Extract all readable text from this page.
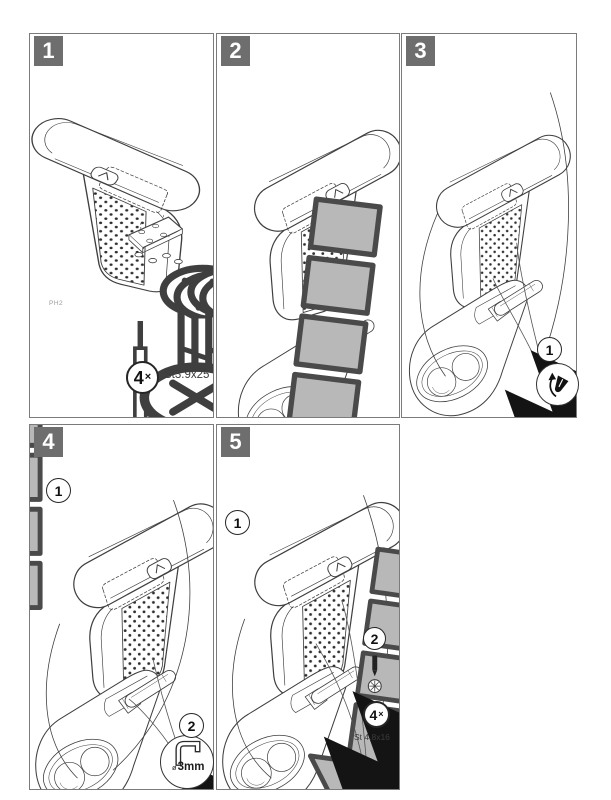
1
PH2
4 × St3.9x25
2	3
1
4
1
2
ø 3mm
5
1
2
4 ×
St 4,8x16
